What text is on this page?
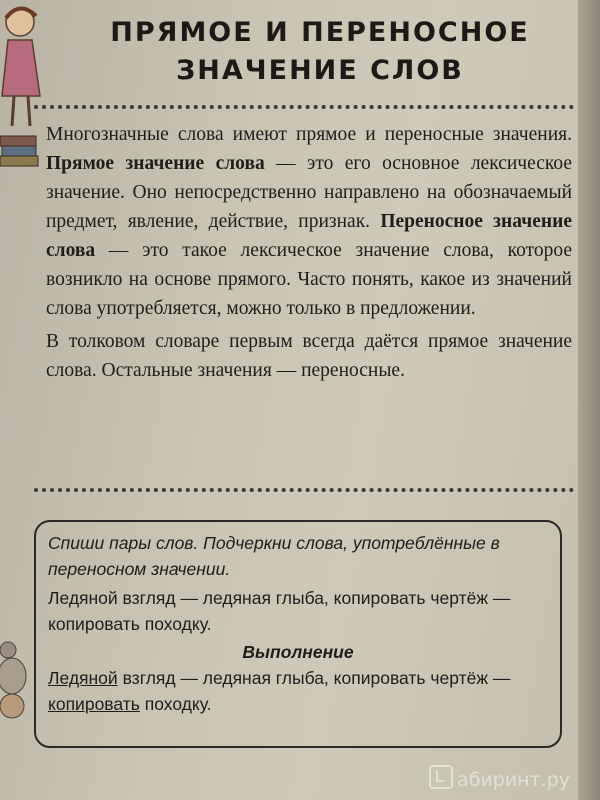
ПРЯМОЕ И ПЕРЕНОСНОЕ
ЗНАЧЕНИЕ СЛОВ

Многозначные слова имеют прямое и переносные значения. Прямое значение слова — это его основное лексическое значение. Оно непосредственно направлено на обозначаемый предмет, явление, действие, признак. Переносное значение слова — это такое лексическое значение слова, которое возникло на основе прямого. Часто понять, какое из значений слова употребляется, можно только в предложении.

В толковом словаре первым всегда даётся прямое значение слова. Остальные значения — переносные.

Спиши пары слов. Подчеркни слова, употреблённые в переносном значении.
Ледяной взгляд — ледяная глыба, копировать чертёж — копировать походку.
Выполнение
Ледяной взгляд — ледяная глыба, копировать чертёж — копировать походку.
абиринт.ру
